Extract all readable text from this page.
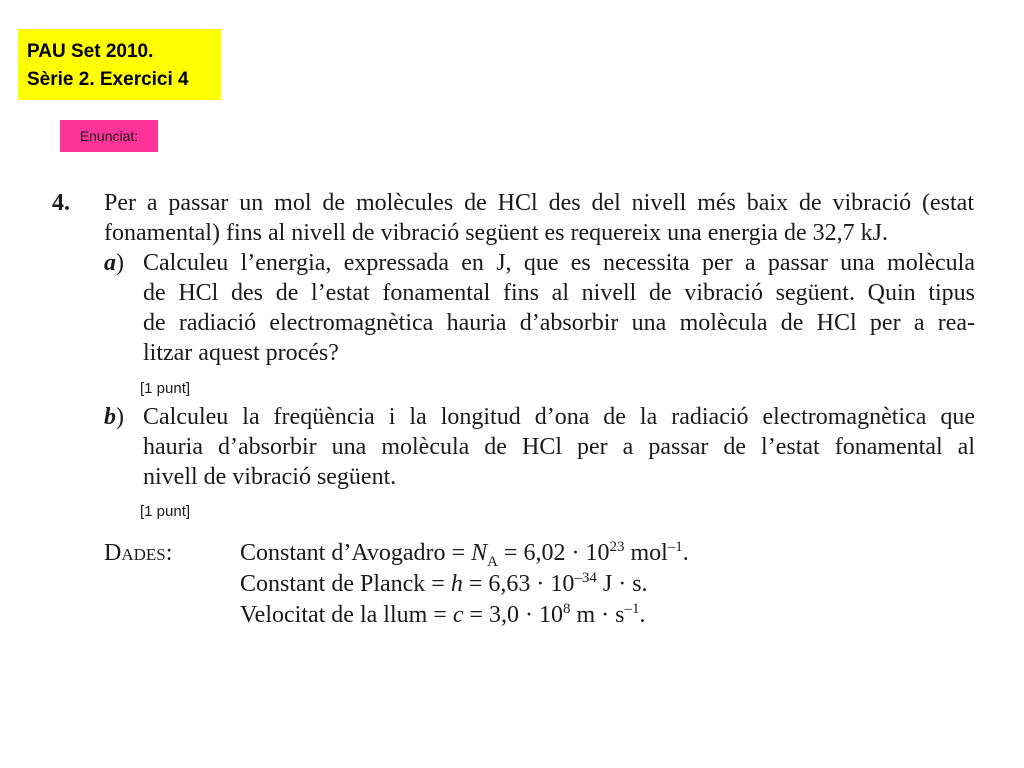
PAU Set 2010.
Sèrie 2. Exercici 4
Enunciat:
4. Per a passar un mol de molècules de HCl des del nivell més baix de vibració (estat
fonamental) fins al nivell de vibració següent es requereix una energia de 32,7 kJ.
a) Calculeu l’energia, expressada en J, que es necessita per a passar una molècula
de HCl des de l’estat fonamental fins al nivell de vibració següent. Quin tipus
de radiació electromagnètica hauria d’absorbir una molècula de HCl per a rea-
litzar aquest procés?
[1 punt]
b) Calculeu la freqüència i la longitud d’ona de la radiació electromagnètica que
hauria d’absorbir una molècula de HCl per a passar de l’estat fonamental al
nivell de vibració següent.
[1 punt]
Dades:	Constant d’Avogadro = $N_A = 6,02 \cdot 10^{23}$ mol$^{-1}$.
Constant de Planck = $h = 6,63 \cdot 10^{-34}$ J · s.
Velocitat de la llum = $c = 3,0 \cdot 10^8$ $m \cdot s^{-1}$.
